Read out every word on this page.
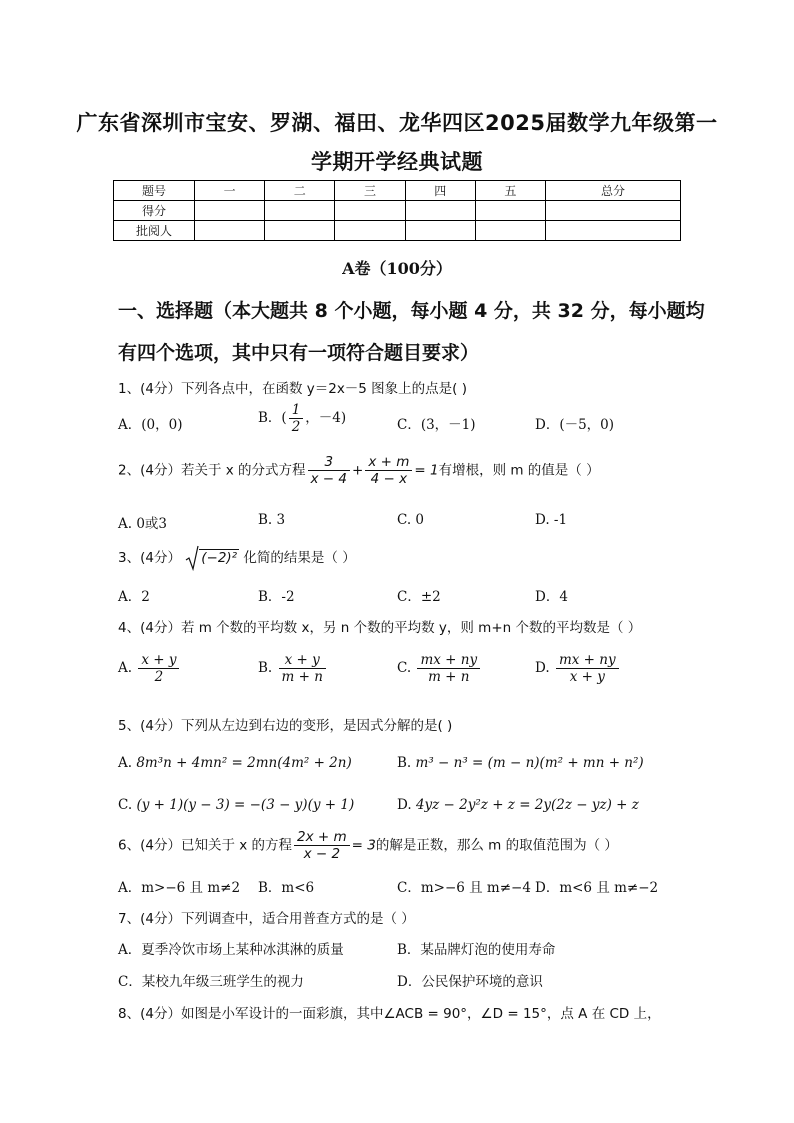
广东省深圳市宝安、罗湖、福田、龙华四区2025届数学九年级第一
学期开学经典试题
题号	一	二	三	四	五	总分
得分						
批阅人						
A卷（100分）
一、选择题（本大题共 8 个小题，每小题 4 分，共 32 分，每小题均
有四个选项，其中只有一项符合题目要求）
1、(4分）下列各点中，在函数 y＝2x－5 图象上的点是( )
A．(0，0)	B．( $\frac{1}{2}$ ，－4)	C．(3，－1)	D．(－5，0)
2、(4分）若关于 x 的分式方程 $\frac{3}{x - 4} + \frac{x + m}{4 - x} = 1$有增根，则 m 的值是（ ）
A. 0或3	B. 3	C. 0	D. -1
3、(4分） (−2)² 化简的结果是（ ）
A．2	B．-2	C．±2	D．4
4、(4分）若 m 个数的平均数 x，另 n 个数的平均数 y，则 m+n 个数的平均数是（ ）
A. $\frac{x + y}{2}$	B. $\frac{x + y}{m + n}$	C. $\frac{mx + ny}{m + n}$	D. $\frac{mx + ny}{x + y}$
5、(4分）下列从左边到右边的变形，是因式分解的是( )
A. 8m³n + 4mn² = 2mn(4m² + 2n)	B. m³ − n³ = (m − n)(m² + mn + n²)
C. (y + 1)(y − 3) = −(3 − y)(y + 1)	D. 4yz − 2y²z + z = 2y(2z − yz) + z
6、(4分）已知关于 x 的方程 $\frac{2x + m}{x - 2} = 3$的解是正数，那么 m 的取值范围为（ ）
A．m>−6 且 m≠2 B．m<6	C．m>−6 且 m≠−4 D．m<6 且 m≠−2
7、(4分）下列调查中，适合用普查方式的是（ ）
A．夏季冷饮市场上某种冰淇淋的质量	B．某品牌灯泡的使用寿命
C．某校九年级三班学生的视力	D．公民保护环境的意识
8、(4分）如图是小军设计的一面彩旗，其中∠ACB = 90°，∠D = 15°，点 A 在 CD 上，
